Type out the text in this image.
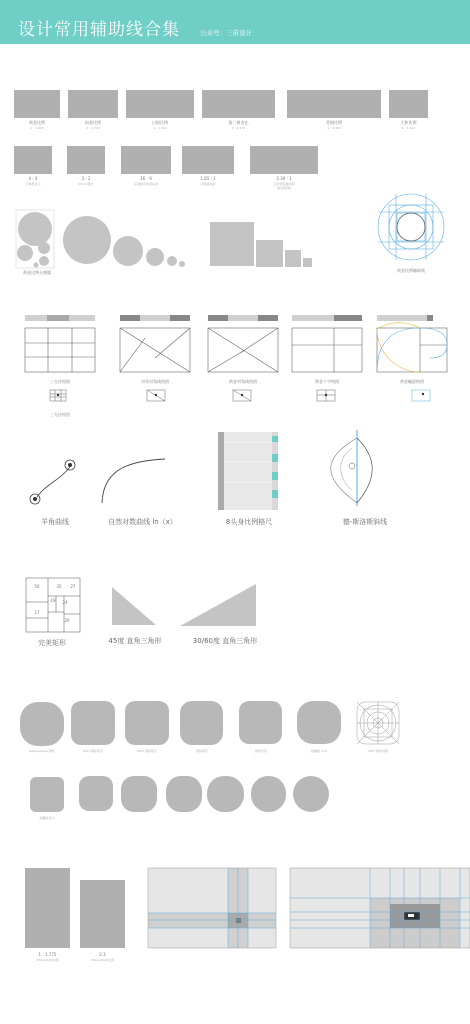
设计常用辅助线合集	公众号：三苗设计
黄金比例
1 : 1.618
铂金比例
1 : 1.732
白银比例
1 : 1.414
第二黄金比
1 : 1.272
青铜比例
1 : 3.303
大和比例
1 : 1.414
4 : 3
计算机显示
3 : 2
35mm胶片
16 : 9
高清数字电视标准
1.85 : 1
宽银幕电影
2.39 : 1
变形宽银幕电影
(超宽银幕)
黄金比例分割圆	黄金比例辅助线
三分法构图	对角对角线构图	黄金对角线构图	黄金十字构图	黄金螺旋构图
三分法构图
羊角曲线	自然对数曲线 ln（x）	8头身比例格尺	德-斯洛斯斜线
50	35	27
19	24
17
29
完美矩形	45度 直角三角形	30/60度 直角三角形
Superellipse 图标	iOS7 图标规范	iOS7 图标规范	图标规范	圆角矩形	超椭圆 n=4	iOS7 图标网格
超椭圆设计
1 : 1.775
iPhone5/5S比例
2:3
iPhone4/4S比例
